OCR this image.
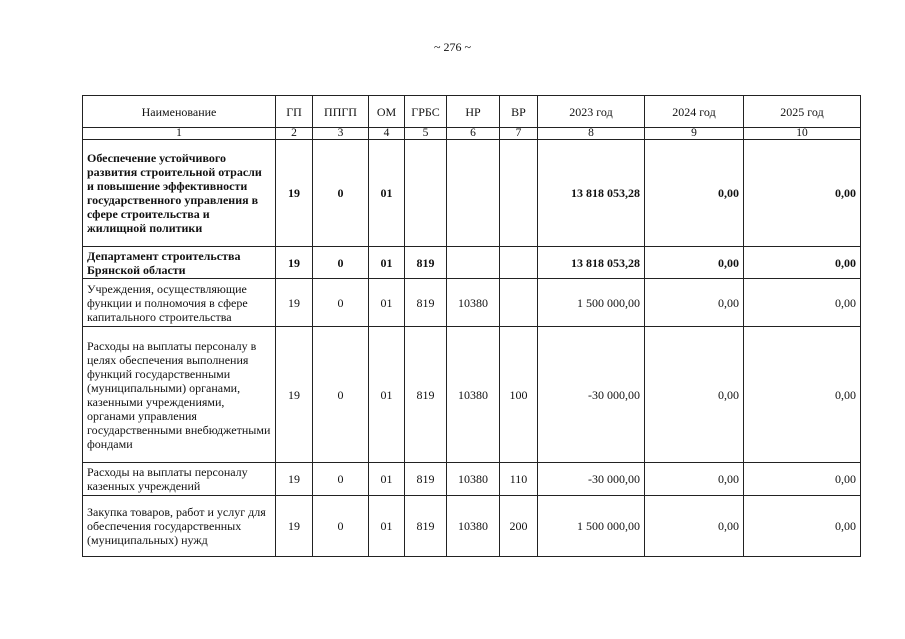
~ 276 ~
Наименование	ГП	ППГП	ОМ	ГРБС	НР	ВР	2023 год	2024 год	2025 год
1	2	3	4	5	6	7	8	9	10
Обеспечение устойчивого развития строительной отрасли и повышение эффективности государственного управления в сфере строительства и жилищной политики	19	0	01				13 818 053,28	0,00	0,00
Департамент строительства Брянской области	19	0	01	819			13 818 053,28	0,00	0,00
Учреждения, осуществляющие функции и полномочия в сфере капитального строительства	19	0	01	819	10380		1 500 000,00	0,00	0,00
Расходы на выплаты персоналу в целях обеспечения выполнения функций государственными (муниципальными) органами, казенными учреждениями, органами управления государственными внебюджетными фондами	19	0	01	819	10380	100	-30 000,00	0,00	0,00
Расходы на выплаты персоналу казенных учреждений	19	0	01	819	10380	110	-30 000,00	0,00	0,00
Закупка товаров, работ и услуг для обеспечения государственных (муниципальных) нужд	19	0	01	819	10380	200	1 500 000,00	0,00	0,00
